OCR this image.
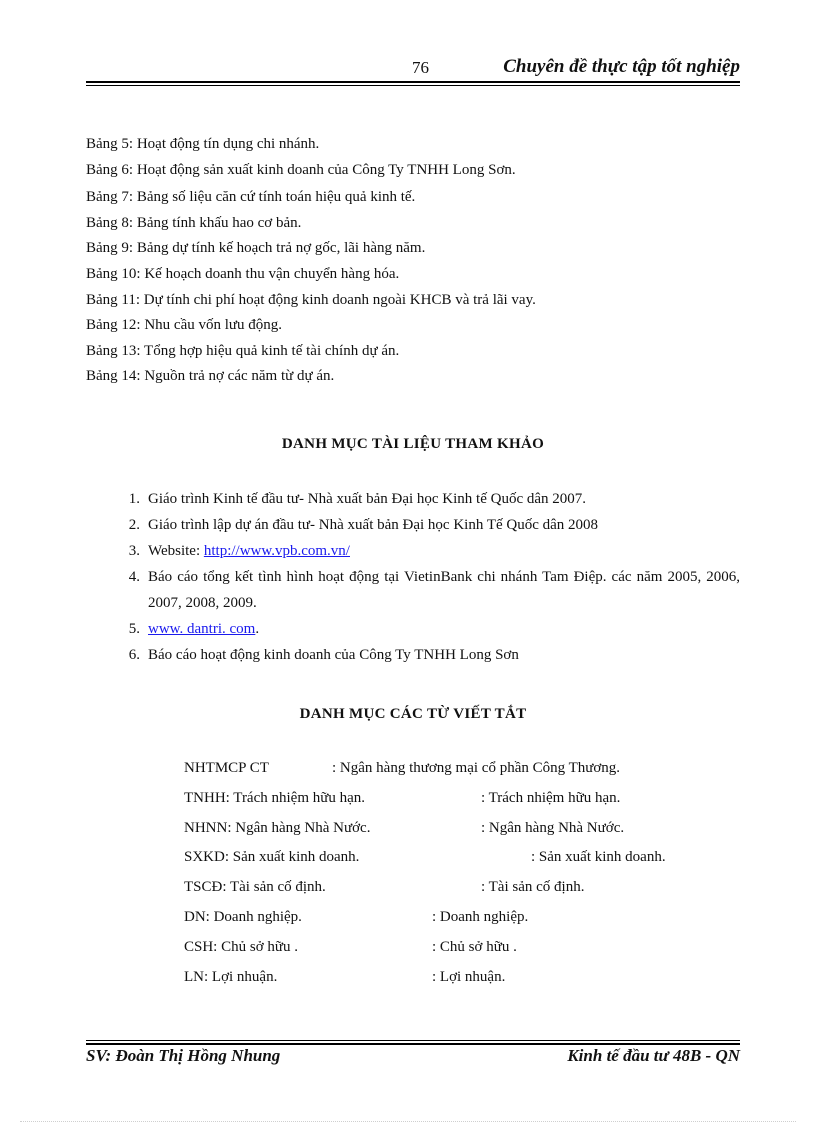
76	Chuyên đề thực tập tốt nghiệp
Bảng 5: Hoạt động tín dụng chi nhánh.
Bảng 6: Hoạt động sản xuất kinh doanh của Công Ty TNHH Long Sơn.
Bảng 7: Bảng số liệu căn cứ tính toán hiệu quả kinh tế.
Bảng 8: Bảng tính khấu hao cơ bản.
Bảng 9: Bảng dự tính kế hoạch trả nợ gốc, lãi hàng năm.
Bảng 10: Kế hoạch doanh thu vận chuyển hàng hóa.
Bảng 11: Dự tính chi phí hoạt động kinh doanh ngoài KHCB và trả lãi vay.
Bảng 12: Nhu cầu vốn lưu động.
Bảng 13: Tổng hợp hiệu quả kinh tế tài chính dự án.
Bảng 14: Nguồn trả nợ các năm từ dự án.
DANH MỤC TÀI LIỆU THAM KHẢO
1. Giáo trình Kinh tế đầu tư- Nhà xuất bản Đại học Kinh tế Quốc dân 2007.
2. Giáo trình lập dự án đầu tư- Nhà xuất bản Đại học Kinh Tế Quốc dân 2008
3. Website: http://www.vpb.com.vn/
4. Báo cáo tổng kết tình hình hoạt động tại VietinBank chi nhánh Tam Điệp. các năm 2005, 2006, 2007, 2008, 2009.
5. www. dantri. com.
6. Báo cáo hoạt động kinh doanh của Công Ty TNHH Long Sơn
DANH MỤC CÁC TỪ VIẾT TẮT
NHTMCP CT	: Ngân hàng thương mại cổ phần Công Thương.
TNHH: Trách nhiệm hữu hạn.	: Trách nhiệm hữu hạn.
NHNN: Ngân hàng Nhà Nước.	: Ngân hàng Nhà Nước.
SXKD: Sản xuất kinh doanh.	: Sản xuất kinh doanh.
TSCĐ: Tài sản cố định.	: Tài sản cố định.
DN: Doanh nghiệp.	: Doanh nghiệp.
CSH: Chủ sở hữu .	: Chủ sở hữu .
LN: Lợi nhuận.	: Lợi nhuận.
SV: Đoàn Thị Hồng Nhung	Kinh tế đầu tư 48B - QN
